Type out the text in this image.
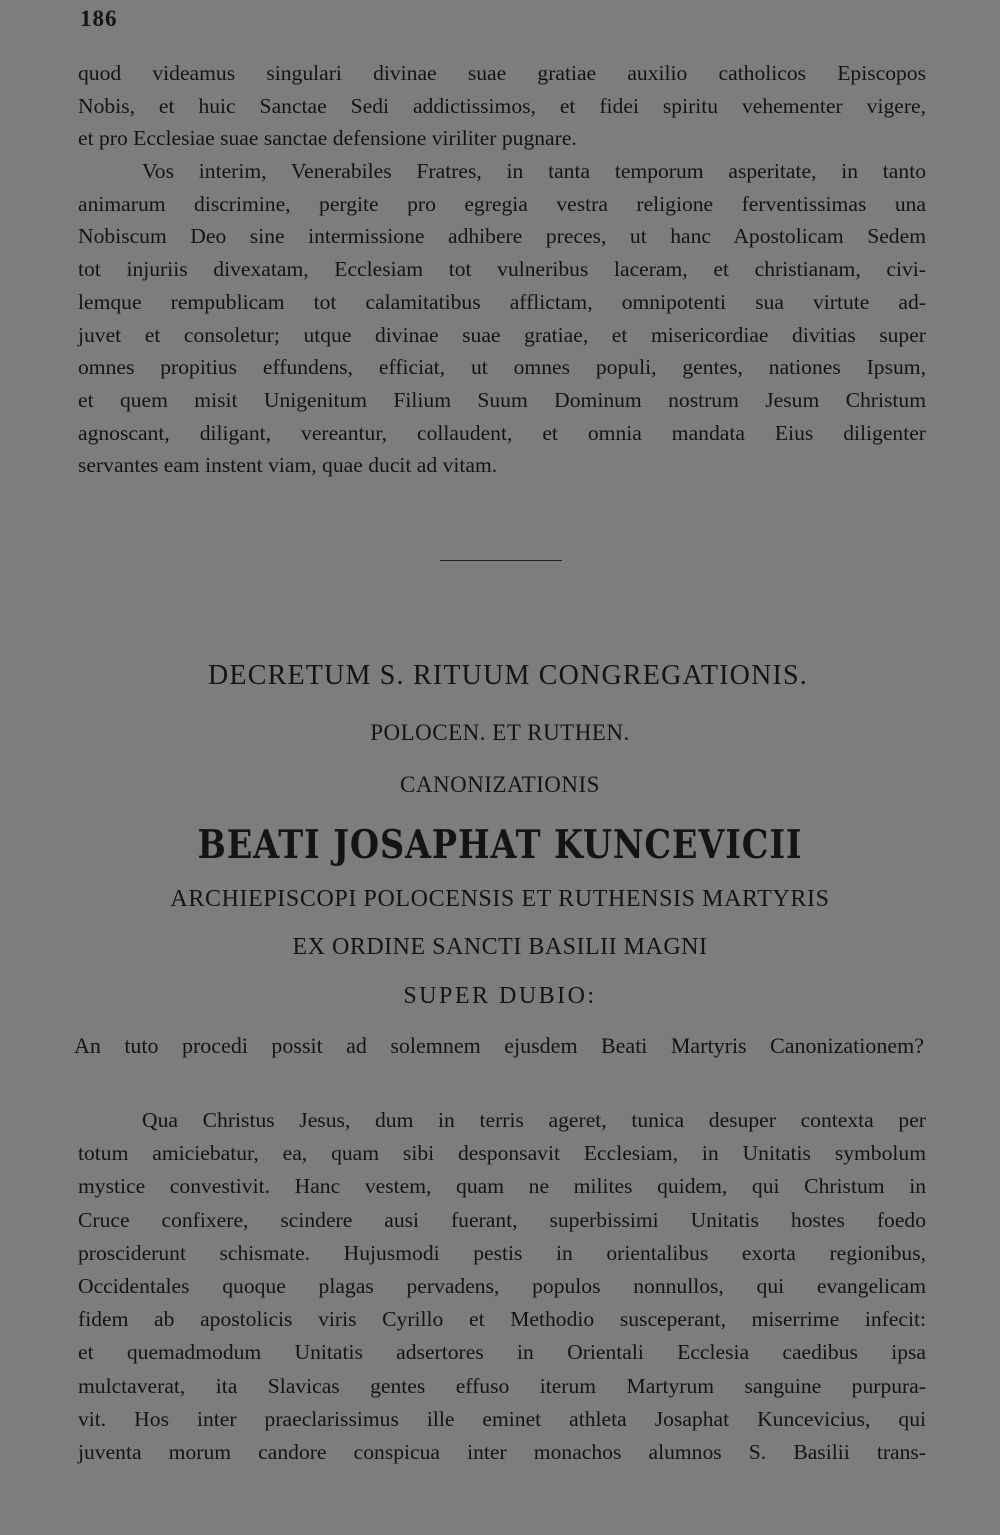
186
quod videamus singulari divinae suae gratiae auxilio catholicos Episcopos
Nobis, et huic Sanctae Sedi addictissimos, et fidei spiritu vehementer vigere,
et pro Ecclesiae suae sanctae defensione viriliter pugnare.
Vos interim, Venerabiles Fratres, in tanta temporum asperitate, in tanto
animarum discrimine, pergite pro egregia vestra religione ferventissimas una
Nobiscum Deo sine intermissione adhibere preces, ut hanc Apostolicam Sedem
tot injuriis divexatam, Ecclesiam tot vulneribus laceram, et christianam, civi-
lemque rempublicam tot calamitatibus afflictam, omnipotenti sua virtute ad-
juvet et consoletur; utque divinae suae gratiae, et misericordiae divitias super
omnes propitius effundens, efficiat, ut omnes populi, gentes, nationes Ipsum,
et quem misit Unigenitum Filium Suum Dominum nostrum Jesum Christum
agnoscant, diligant, vereantur, collaudent, et omnia mandata Eius diligenter
servantes eam instent viam, quae ducit ad vitam.
DECRETUM S. RITUUM CONGREGATIONIS.
POLOCEN. ET RUTHEN.
CANONIZATIONIS
BEATI JOSAPHAT KUNCEVICII
ARCHIEPISCOPI POLOCENSIS ET RUTHENSIS MARTYRIS
EX ORDINE SANCTI BASILII MAGNI
SUPER DUBIO:
An tuto procedi possit ad solemnem ejusdem Beati Martyris Canonizationem?
Qua Christus Jesus, dum in terris ageret, tunica desuper contexta per
totum amiciebatur, ea, quam sibi desponsavit Ecclesiam, in Unitatis symbolum
mystice convestivit. Hanc vestem, quam ne milites quidem, qui Christum in
Cruce confixere, scindere ausi fuerant, superbissimi Unitatis hostes foedo
prosciderunt schismate. Hujusmodi pestis in orientalibus exorta regionibus,
Occidentales quoque plagas pervadens, populos nonnullos, qui evangelicam
fidem ab apostolicis viris Cyrillo et Methodio susceperant, miserrime infecit:
et quemadmodum Unitatis adsertores in Orientali Ecclesia caedibus ipsa
mulctaverat, ita Slavicas gentes effuso iterum Martyrum sanguine purpura-
vit. Hos inter praeclarissimus ille eminet athleta Josaphat Kuncevicius, qui
juventa morum candore conspicua inter monachos alumnos S. Basilii trans-
